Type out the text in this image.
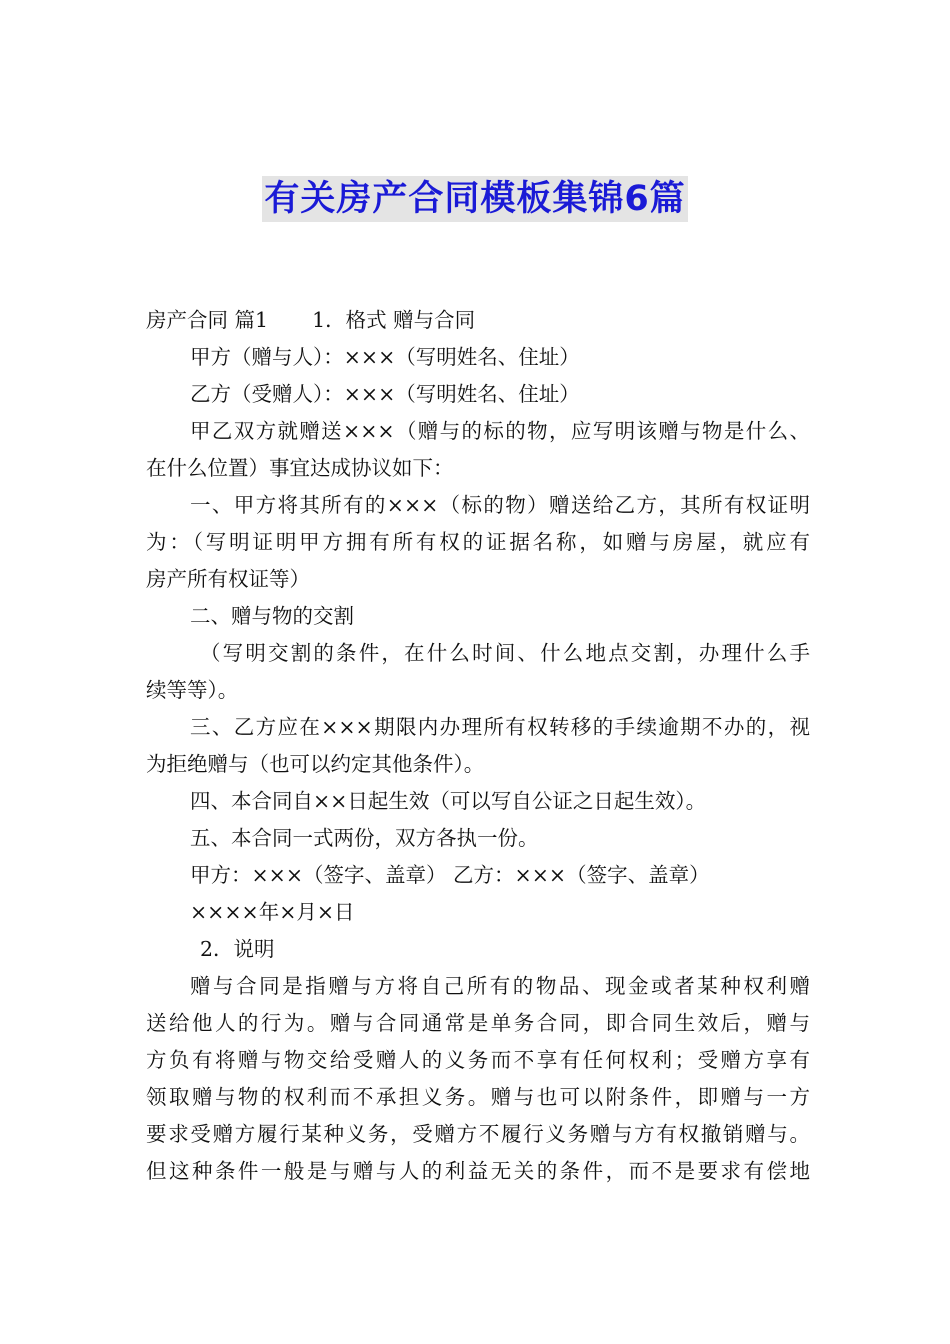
有关房产合同模板集锦6篇
房产合同 篇1 1．格式 赠与合同
甲方（赠与人）：×××（写明姓名、住址）
乙方（受赠人）：×××（写明姓名、住址）
甲乙双方就赠送×××（赠与的标的物，应写明该赠与物是什么、
在什么位置）事宜达成协议如下：
一、甲方将其所有的×××（标的物）赠送给乙方，其所有权证明
为：（写明证明甲方拥有所有权的证据名称，如赠与房屋，就应有
房产所有权证等）
二、赠与物的交割
（写明交割的条件，在什么时间、什么地点交割，办理什么手
续等等）。
三、乙方应在×××期限内办理所有权转移的手续逾期不办的，视
为拒绝赠与（也可以约定其他条件）。
四、本合同自××日起生效（可以写自公证之日起生效）。
五、本合同一式两份，双方各执一份。
甲方：×××（签字、盖章） 乙方：×××（签字、盖章）
××××年×月×日
2．说明
赠与合同是指赠与方将自己所有的物品、现金或者某种权利赠
送给他人的行为。赠与合同通常是单务合同，即合同生效后，赠与
方负有将赠与物交给受赠人的义务而不享有任何权利；受赠方享有
领取赠与物的权利而不承担义务。赠与也可以附条件，即赠与一方
要求受赠方履行某种义务，受赠方不履行义务赠与方有权撤销赠与。
但这种条件一般是与赠与人的利益无关的条件，而不是要求有偿地
